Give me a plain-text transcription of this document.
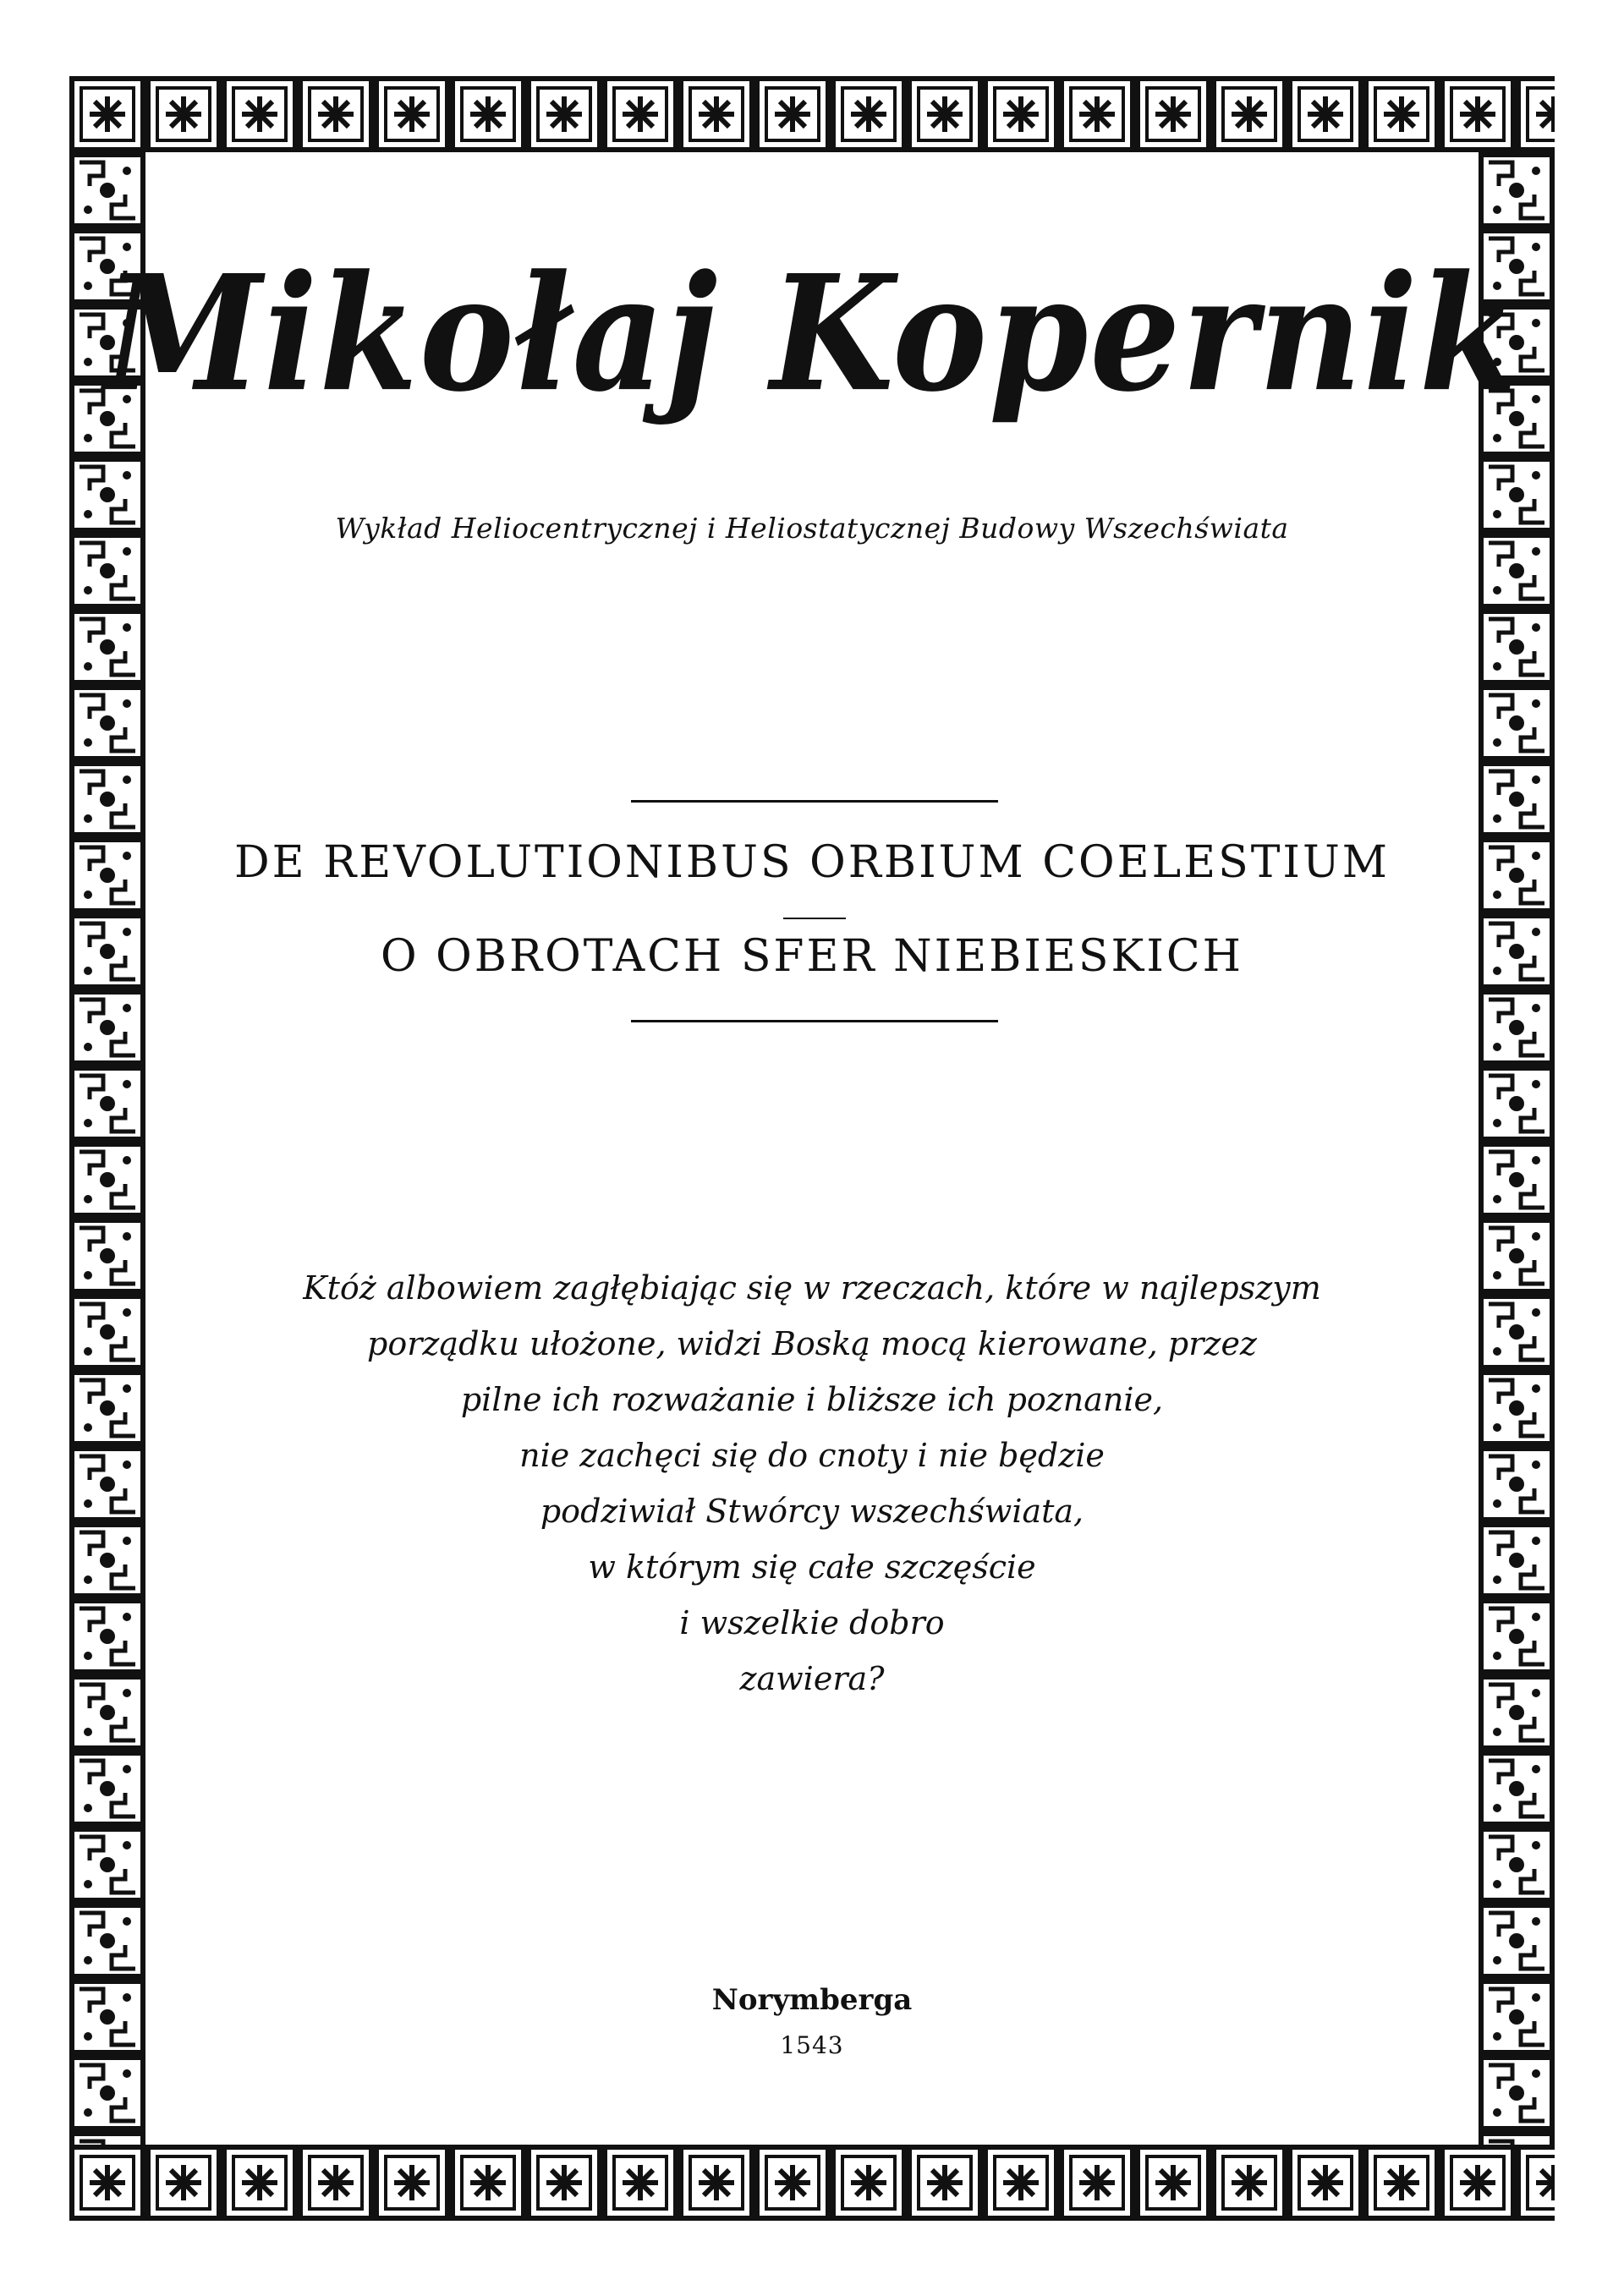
Mikołaj Kopernik
Wykład Heliocentrycznej i Heliostatycznej Budowy Wszechświata
DE REVOLUTIONIBUS ORBIUM COELESTIUM
O OBROTACH SFER NIEBIESKICH
Któż albowiem zagłębiając się w rzeczach, które w najlepszym
porządku ułożone, widzi Boską mocą kierowane, przez
pilne ich rozważanie i bliższe ich poznanie,
nie zachęci się do cnoty i nie będzie
podziwiał Stwórcy wszechświata,
w którym się całe szczęście
i wszelkie dobro
zawiera?
Norymberga
1543
